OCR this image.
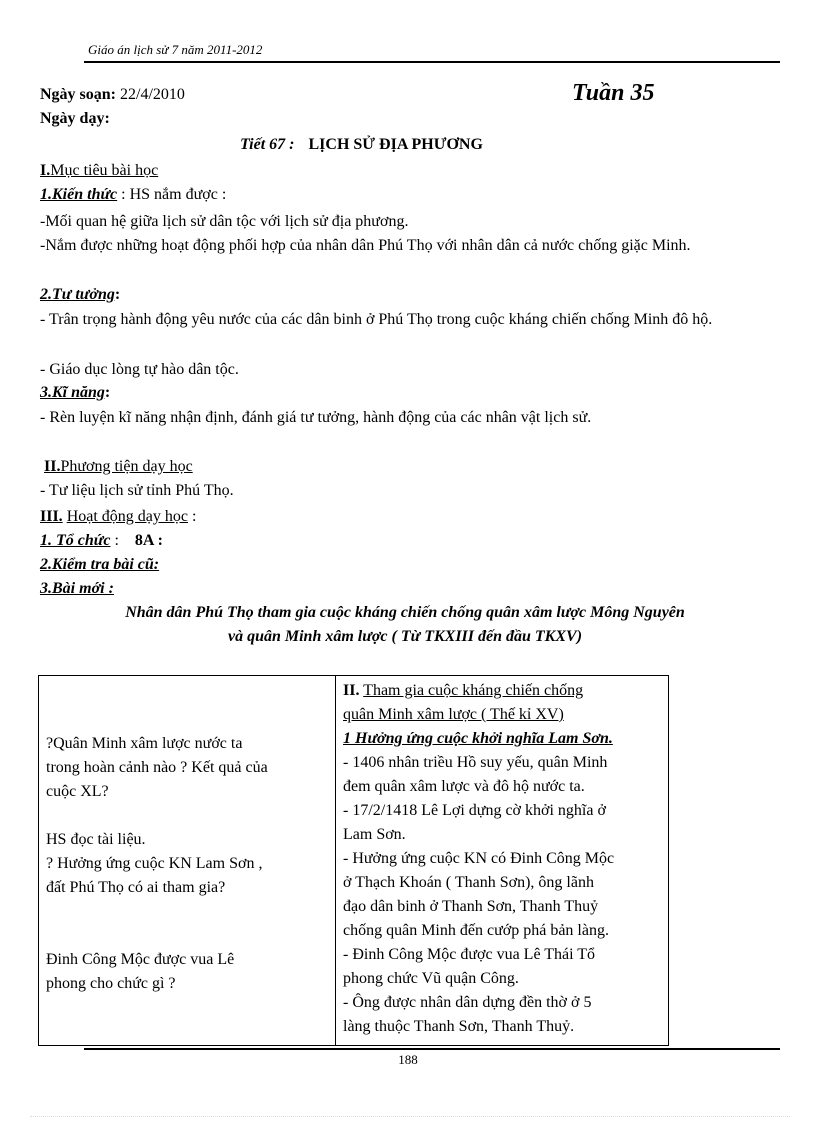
Giáo án lịch sử 7 năm 2011-2012
Ngày soạn: 22/4/2010	Tuần 35
Ngày dạy:
Tiết 67 : LỊCH SỬ ĐỊA PHƯƠNG
I.Mục tiêu bài học
1.Kiến thức : HS nắm được :
-Mối quan hệ giữa lịch sử dân tộc với lịch sử địa phương.
-Nắm được những hoạt động phối hợp của nhân dân Phú Thọ với nhân dân cả nước chống giặc Minh.
2.Tư tưởng:
- Trân trọng hành động yêu nước của các dân binh ở Phú Thọ trong cuộc kháng chiến chống Minh đô hộ.
- Giáo dục lòng tự hào dân tộc.
3.Kĩ năng:
- Rèn luyện kĩ năng nhận định, đánh giá tư tưởng, hành động của các nhân vật lịch sử.
II.Phương tiện dạy học
- Tư liệu lịch sử tỉnh Phú Thọ.
III. Hoạt động dạy học :
1. Tổ chức : 8A :
2.Kiểm tra bài cũ:
3.Bài mới :
Nhân dân Phú Thọ tham gia cuộc kháng chiến chống quân xâm lược Mông Nguyên
và quân Minh xâm lược ( Từ TKXIII đến đầu TKXV)
?Quân Minh xâm lược nước ta
trong hoàn cảnh nào ? Kết quả của
cuộc XL?
HS đọc tài liệu.
? Hưởng ứng cuộc KN Lam Sơn ,
đất Phú Thọ có ai tham gia?
Đinh Công Mộc được vua Lê
phong cho chức gì ?

II. Tham gia cuộc kháng chiến chống
quân Minh xâm lược ( Thế kỉ XV)
1 Hưởng ứng cuộc khởi nghĩa Lam Sơn.
- 1406 nhân triều Hồ suy yếu, quân Minh
đem quân xâm lược và đô hộ nước ta.
- 17/2/1418 Lê Lợi dựng cờ khởi nghĩa ở
Lam Sơn.
- Hưởng ứng cuộc KN có Đinh Công Mộc
ở Thạch Khoán ( Thanh Sơn), ông lãnh
đạo dân binh ở Thanh Sơn, Thanh Thuỷ
chống quân Minh đến cướp phá bản làng.
- Đinh Công Mộc được vua Lê Thái Tổ
phong chức Vũ quận Công.
- Ông được nhân dân dựng đền thờ ở 5
làng thuộc Thanh Sơn, Thanh Thuỷ.
188
